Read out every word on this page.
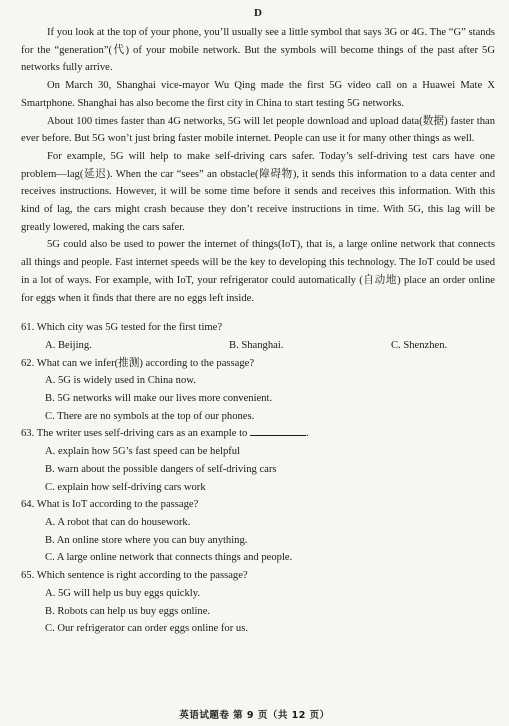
D

If you look at the top of your phone, you’ll usually see a little symbol that says 3G or 4G. The “G” stands for the “generation”(代) of your mobile network. But the symbols will become things of the past after 5G networks fully arrive.

On March 30, Shanghai vice-mayor Wu Qing made the first 5G video call on a Huawei Mate X Smartphone. Shanghai has also become the first city in China to start testing 5G networks.

About 100 times faster than 4G networks, 5G will let people download and upload data(数据) faster than ever before. But 5G won’t just bring faster mobile internet. People can use it for many other things as well.

For example, 5G will help to make self-driving cars safer. Today’s self-driving test cars have one problem—lag(延迟). When the car “sees” an obstacle(障碍物), it sends this information to a data center and receives instructions. However, it will be some time before it sends and receives this information. With this kind of lag, the cars might crash because they don’t receive instructions in time. With 5G, this lag will be greatly lowered, making the cars safer.

5G could also be used to power the internet of things(IoT), that is, a large online network that connects all things and people. Fast internet speeds will be the key to developing this technology. The IoT could be used in a lot of ways. For example, with IoT, your refrigerator could automatically (自动地) place an order online for eggs when it finds that there are no eggs left inside.

61. Which city was 5G tested for the first time?

A. Beijing.	B. Shanghai.	C. Shenzhen.

62. What can we infer(推测) according to the passage?

A. 5G is widely used in China now.

B. 5G networks will make our lives more convenient.

C. There are no symbols at the top of our phones.

63. The writer uses self-driving cars as an example to	.

A. explain how 5G’s fast speed can be helpful

B. warn about the possible dangers of self-driving cars

C. explain how self-driving cars work

64. What is IoT according to the passage?

A. A robot that can do housework.

B. An online store where you can buy anything.

C. A large online network that connects things and people.

65. Which sentence is right according to the passage?

A. 5G will help us buy eggs quickly.

B. Robots can help us buy eggs online.

C. Our refrigerator can order eggs online for us.

英语试题卷 第 9 页（共 12 页）
